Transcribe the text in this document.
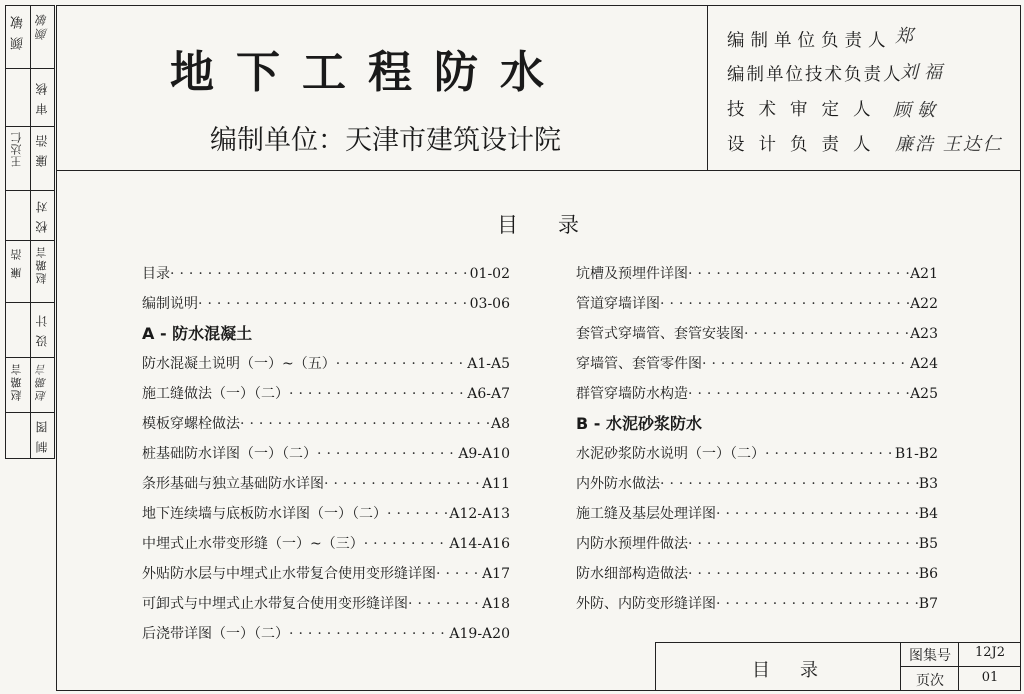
颜 敏 颜敏
审 核
王达仁 廉 浩
校 对
廉 浩 赵璐言
设 计
赵璐言 赵璐言
制 图
地下工程防水
编制单位：天津市建筑设计院
编制单位负责人 郑
编制单位技术负责人
刘福
技术审定人 顾敏
设计负责人 廉浩 王达仁
目录
目录
图集号	12J2
页次	01
目录 ·····	01-02
编制说明 ·····	03-06
A - 防水混凝土
防水混凝土说明（一）~（五） ·····	A1-A5
施工缝做法（一）（二） ·····	A6-A7
模板穿螺栓做法 ·····	A8
桩基础防水详图（一）（二） ·····	A9-A10
条形基础与独立基础防水详图 ·····	A11
地下连续墙与底板防水详图（一）（二） ·····	A12-A13
中埋式止水带变形缝（一）~（三） ·····	A14-A16
外贴防水层与中埋式止水带复合使用变形缝详图 ·····	A17
可卸式与中埋式止水带复合使用变形缝详图 ·····	A18
后浇带详图（一）（二） ·····	A19-A20
坑槽及预埋件详图 ·····	A21
管道穿墙详图 ·····	A22
套管式穿墙管、套管安装图 ·····	A23
穿墙管、套管零件图 ·····	A24
群管穿墙防水构造 ·····	A25
B - 水泥砂浆防水
水泥砂浆防水说明（一）（二） ·····	B1-B2
内外防水做法 ·····	B3
施工缝及基层处理详图 ·····	B4
内防水预埋件做法 ·····	B5
防水细部构造做法 ·····	B6
外防、内防变形缝详图 ·····	B7
